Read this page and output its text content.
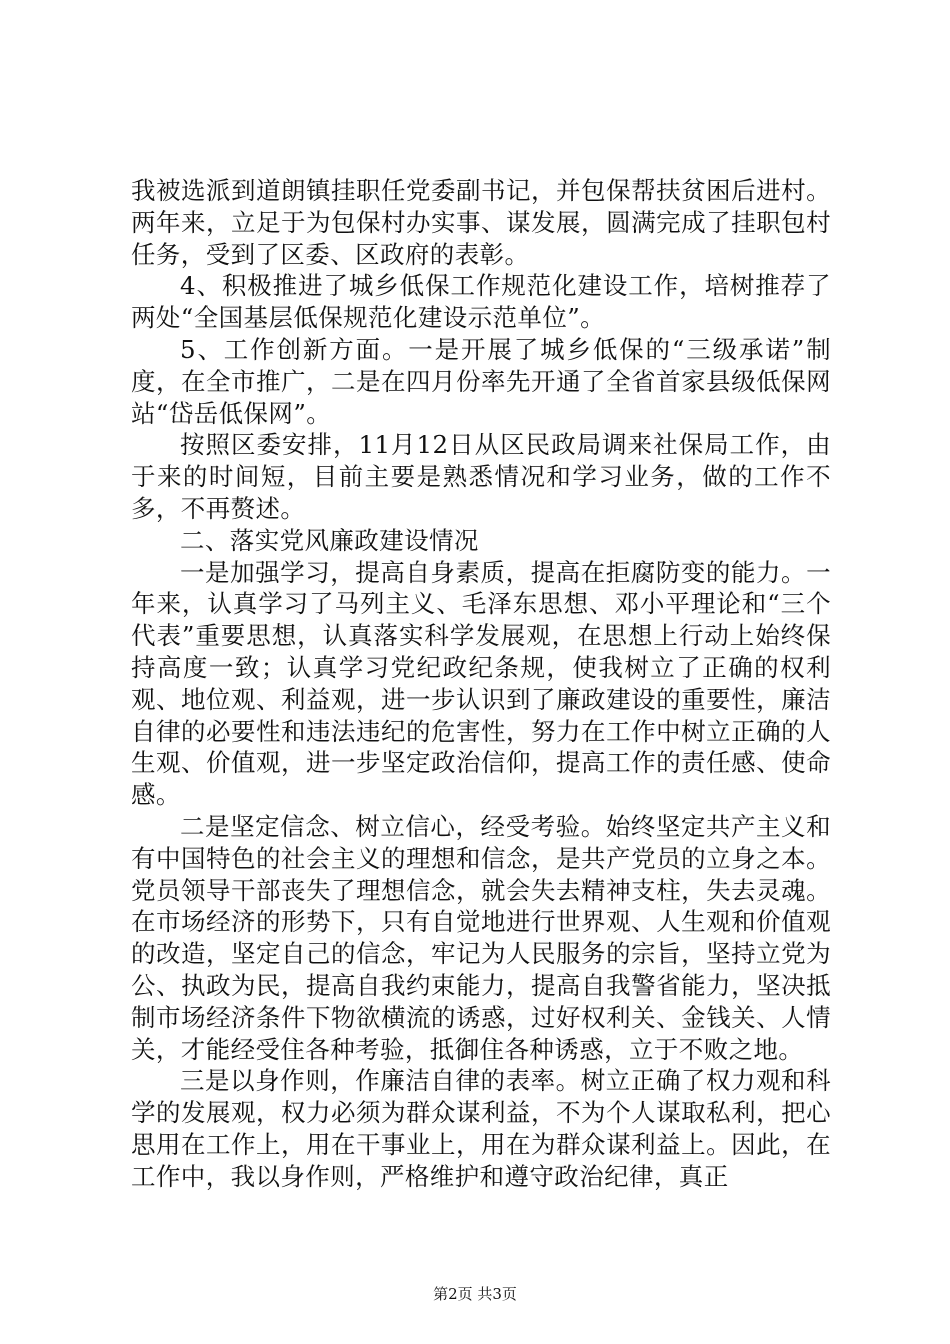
我被选派到道朗镇挂职任党委副书记，并包保帮扶贫困后进村。两年来，立足于为包保村办实事、谋发展，圆满完成了挂职包村任务，受到了区委、区政府的表彰。

4、积极推进了城乡低保工作规范化建设工作，培树推荐了两处“全国基层低保规范化建设示范单位”。

5、工作创新方面。一是开展了城乡低保的“三级承诺”制度，在全市推广，二是在四月份率先开通了全省首家县级低保网站“岱岳低保网”。

按照区委安排，11月12日从区民政局调来社保局工作，由于来的时间短，目前主要是熟悉情况和学习业务，做的工作不多，不再赘述。

二、落实党风廉政建设情况

一是加强学习，提高自身素质，提高在拒腐防变的能力。一年来，认真学习了马列主义、毛泽东思想、邓小平理论和“三个代表”重要思想，认真落实科学发展观，在思想上行动上始终保持高度一致；认真学习党纪政纪条规，使我树立了正确的权利观、地位观、利益观，进一步认识到了廉政建设的重要性，廉洁自律的必要性和违法违纪的危害性，努力在工作中树立正确的人生观、价值观，进一步坚定政治信仰，提高工作的责任感、使命感。

二是坚定信念、树立信心，经受考验。始终坚定共产主义和有中国特色的社会主义的理想和信念，是共产党员的立身之本。党员领导干部丧失了理想信念，就会失去精神支柱，失去灵魂。在市场经济的形势下，只有自觉地进行世界观、人生观和价值观的改造，坚定自己的信念，牢记为人民服务的宗旨，坚持立党为公、执政为民，提高自我约束能力，提高自我警省能力，坚决抵制市场经济条件下物欲横流的诱惑，过好权利关、金钱关、人情关，才能经受住各种考验，抵御住各种诱惑，立于不败之地。

三是以身作则，作廉洁自律的表率。树立正确了权力观和科学的发展观，权力必须为群众谋利益，不为个人谋取私利，把心思用在工作上，用在干事业上，用在为群众谋利益上。因此，在工作中，我以身作则，严格维护和遵守政治纪律，真正

第2页 共3页
